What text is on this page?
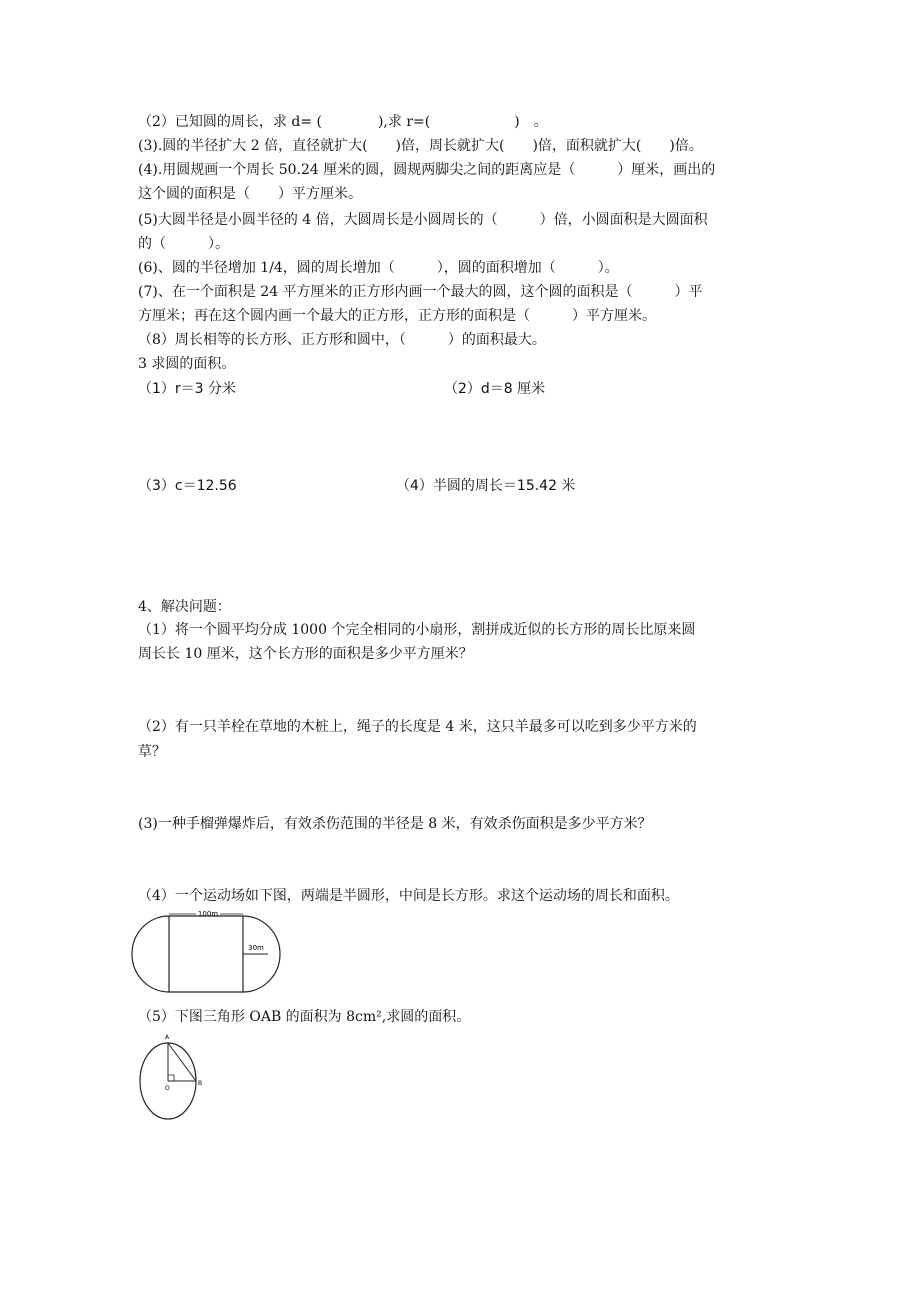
（2）已知圆的周长，求 d= (　　　　),求 r=(　　　　　　)　。
(3).圆的半径扩大 2 倍，直径就扩大(　　)倍，周长就扩大(　　)倍，面积就扩大(　　)倍。
(4).用圆规画一个周长 50.24 厘米的圆，圆规两脚尖之间的距离应是（　　　）厘米，画出的
这个圆的面积是（　　）平方厘米。
(5)大圆半径是小圆半径的 4 倍，大圆周长是小圆周长的（　　　）倍，小圆面积是大圆面积
的（　　　）。
(6)、圆的半径增加 1/4，圆的周长增加（　　　），圆的面积增加（　　　）。
(7)、在一个面积是 24 平方厘米的正方形内画一个最大的圆，这个圆的面积是（　　　）平
方厘米；再在这个圆内画一个最大的正方形，正方形的面积是（　　　）平方厘米。
（8）周长相等的长方形、正方形和圆中，（　　　）的面积最大。
3 求圆的面积。
（1）r＝3 分米	（2）d＝8 厘米
（3）c＝12.56	（4）半圆的周长＝15.42 米
4、解决问题：
（1）将一个圆平均分成 1000 个完全相同的小扇形，割拼成近似的长方形的周长比原来圆
周长长 10 厘米，这个长方形的面积是多少平方厘米？
（2）有一只羊栓在草地的木桩上，绳子的长度是 4 米，这只羊最多可以吃到多少平方米的
草？
(3)一种手榴弹爆炸后，有效杀伤范围的半径是 8 米，有效杀伤面积是多少平方米？
（4）一个运动场如下图，两端是半圆形，中间是长方形。求这个运动场的周长和面积。
（5）下图三角形 OAB 的面积为 8cm²,求圆的面积。
100m
30m
A
B
O
